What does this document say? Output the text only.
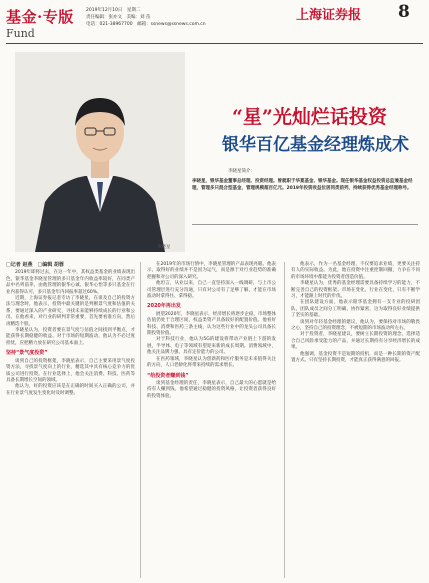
基金·专版
Fund
2019年12月10日　星期二
责任编辑：张亦文　美编：刘 苗
电话：021-38967700　邮箱：ssnews@ssnews.com.cn
上海证券报 8
李晓星
“星”光灿烂话投资
银华百亿基金经理炼成术
李晓星简介：
李晓星，银华基金董事总经理、投资经理。曾就职于华夏基金、银华基金。现任银华基金权益投资总监兼基金经理，管理多只混合型基金，管理规模超百亿元。2019年投资收益位居同类前列，持续获得优秀基金经理称号。
□记者 赵燕　□编辑 胡蓉

2019年即将过去，在这一年中，其权益类基金的业绩表现出色，银华基金李晓星管理的多只基金年内收益率较好，在同类产品中名列前茅。由他管理的银华心诚、银华心怡等多只基金在行业内获得认可，多只基金年内回报率超过60%。

近期，上海证券报记者专访了李晓星，在谈及自己的投资方法与理念时，他表示，投资中最关键的是判断景气度和估值的关系，要通过深入的产业研究，寻找未来能够持续成长的行业和公司。在他看来，对行业的研判非常重要，首先要看准方向，然后再精选个股。

李晓星认为，投资者要在景气度与估值之间找到平衡点，才能获得长期稳健的收益。对于市场的短期波动，他认为不必过度担忧，应把精力放在研究公司基本面上。

坚持“景气度投资”

谈到自己的投资框架，李晓星表示，自己主要采用景气度投资方法，寻找景气度向上的行业，精选其中具有核心竞争力的优质公司进行投资。在行业选择上，他会关注消费、科技、医药等具备长期增长空间的领域。

他认为，好的投资应该是在正确的时间买入正确的公司，并在行业景气度发生变化时及时调整。

在2019年的市场行情中，李晓星管理的产品表现亮眼。他表示，取得好的业绩并不是因为运气，而是源于对行业趋势的准确把握和对公司的深入研究。

他坦言，从业以来，自己一直坚持深入一线调研，与上市公司管理层进行充分沟通，只有对公司有了足够了解，才能在市场波动时拿得住、拿得稳。

2020年再出发

展望2020年，李晓星表示，经济增长将逐步企稳，市场整体估值仍处于合理区间，权益类资产具备较好的配置价值。他看好科技、消费和医药三条主线，认为这些行业中的龙头公司具备长期投资价值。

对于科技行业，他认为5G的建设将带动产业链上下游的发展，半导体、电子等领域有望迎来新的成长周期。消费领域中，他关注品牌力强、具有定价能力的公司。

在医药领域，李晓星认为创新药和医疗服务是未来值得关注的方向，人口老龄化将带来持续的需求增长。

“给投资者赚到钱”

谈到基金经理的责任，李晓星表示，自己最大的心愿就是给持有人赚到钱。他希望通过稳健的投资风格，让投资者获得良好的投资体验。

他表示，作为一名基金经理，不仅要追求业绩，更要关注持有人的实际收益。为此，他在投资中注重控制回撤，力争在不同的市场环境中都能为投资者创造价值。

李晓星认为，优秀的基金经理需要具备持续学习的能力，不断完善自己的投资框架。市场在变化，行业在变化，只有不断学习，才能跟上时代的步伐。

在团队建设方面，他表示银华基金拥有一支专业的投研团队，团队成员之间分工明确、协作紧密，这为取得良好业绩提供了坚实的基础。

谈到对年轻基金经理的建议，他认为，要保持对市场的敬畏之心，坚持自己的投资理念，不被短期的市场波动所左右。

对于投资者，李晓星建议，要树立长期投资的理念，选择适合自己风险承受能力的产品，并通过长期持有分享经济增长的成果。

他强调，基金投资不是短期的投机，而是一种长期的资产配置方式。只有坚持长期投资，才能真正获得满意的回报。
